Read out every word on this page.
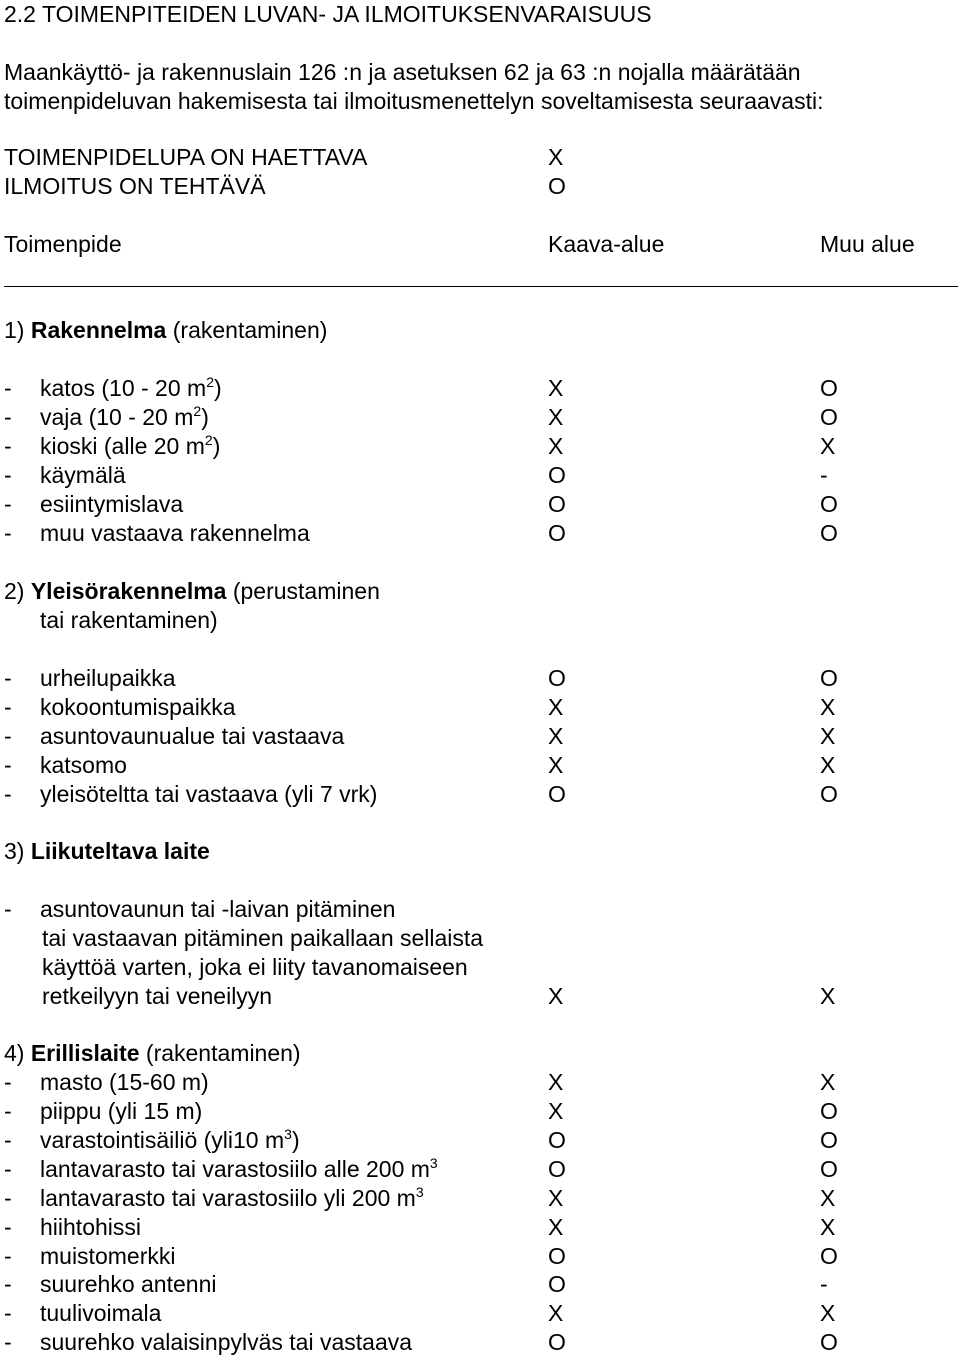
2.2 TOIMENPITEIDEN LUVAN- JA ILMOITUKSENVARAISUUS
Maankäyttö- ja rakennuslain 126 :n ja asetuksen 62 ja 63 :n nojalla määrätään
toimenpideluvan hakemisesta tai ilmoitusmenettelyn soveltamisesta seuraavasti:
TOIMENPIDELUPA ON HAETTAVA	X
ILMOITUS ON TEHTÄVÄ	O
Toimenpide	Kaava-alue	Muu alue
1) Rakennelma (rakentaminen)
- katos (10 - 20 $m^2$)	X	O
- vaja (10 - 20 $m^2$)	X	O
- kioski (alle 20 $m^2$)	X	X
- käymälä	O	-
- esiintymislava	O	O
- muu vastaava rakennelma	O	O
2) Yleisörakennelma (perustaminen
tai rakentaminen)
- urheilupaikka	O	O
- kokoontumispaikka	X	X
- asuntovaunualue tai vastaava	X	X
- katsomo	X	X
- yleisöteltta tai vastaava (yli 7 vrk)	O	O
3) Liikuteltava laite
- asuntovaunun tai -laivan pitäminen
tai vastaavan pitäminen paikallaan sellaista
käyttöä varten, joka ei liity tavanomaiseen
retkeilyyn tai veneilyyn	X	X
4) Erillislaite (rakentaminen)
- masto (15-60 m)	X	X
- piippu (yli 15 m)	X	O
- varastointisäiliö (yli10 $m^3$)	O	O
- lantavarasto tai varastosiilo alle 200 $m^3$	O	O
- lantavarasto tai varastosiilo yli 200 $m^3$	X	X
- hiihtohissi	X	X
- muistomerkki	O	O
- suurehko antenni	O	-
- tuulivoimala	X	X
- suurehko valaisinpylväs tai vastaava	O	O
